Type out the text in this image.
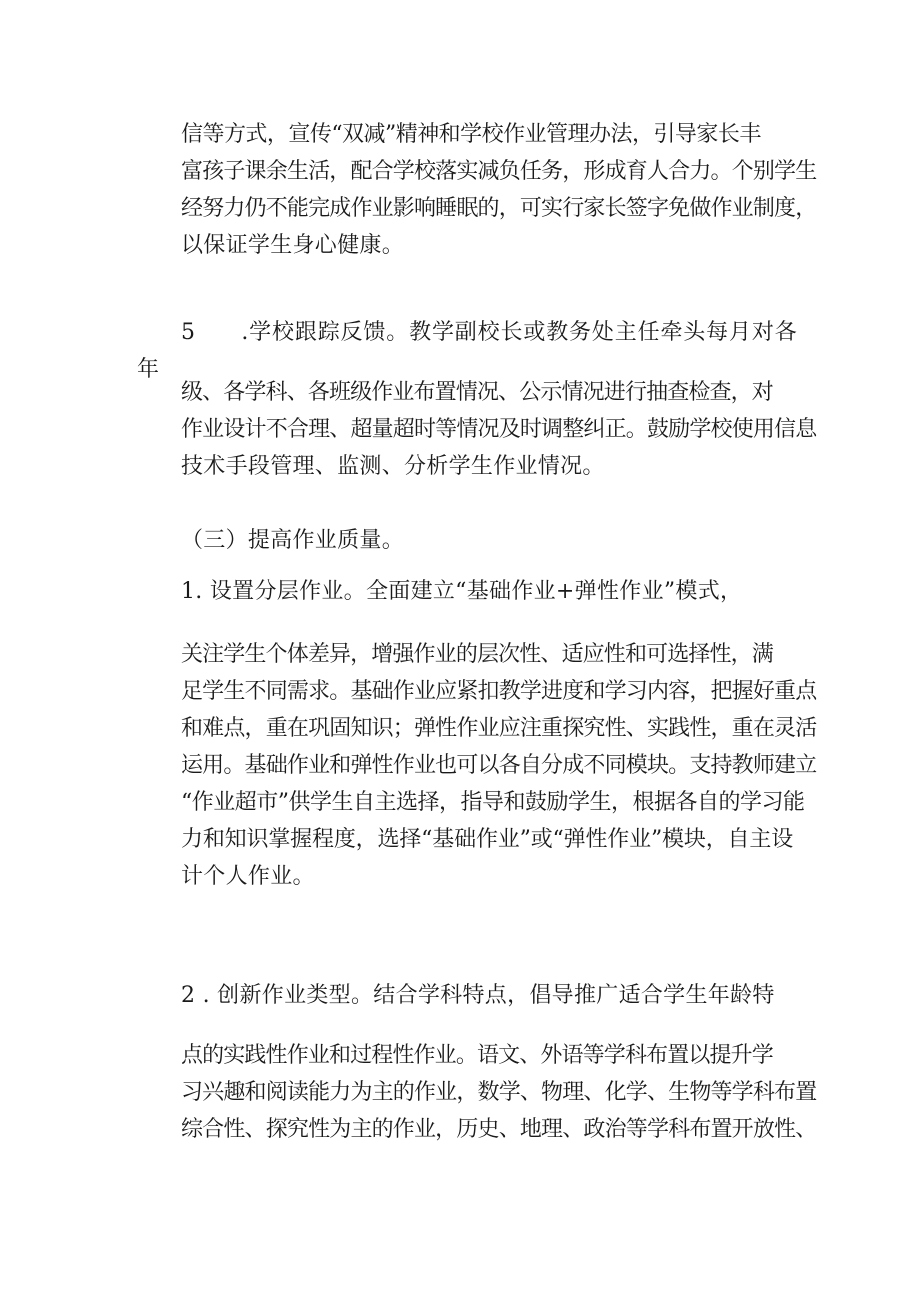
信等方式，宣传“双减”精神和学校作业管理办法，引导家长丰
富孩子课余生活，配合学校落实减负任务，形成育人合力。个别学生
经努力仍不能完成作业影响睡眠的，可实行家长签字免做作业制度，
以保证学生身心健康。

5 .学校跟踪反馈。教学副校长或教务处主任牵头每月对各年

级、各学科、各班级作业布置情况、公示情况进行抽查检查，对
作业设计不合理、超量超时等情况及时调整纠正。鼓励学校使用信息
技术手段管理、监测、分析学生作业情况。

（三）提高作业质量。

1. 设置分层作业。全面建立“基础作业+弹性作业”模式，

关注学生个体差异，增强作业的层次性、适应性和可选择性，满
足学生不同需求。基础作业应紧扣教学进度和学习内容，把握好重点
和难点，重在巩固知识；弹性作业应注重探究性、实践性，重在灵活
运用。基础作业和弹性作业也可以各自分成不同模块。支持教师建立
“作业超市”供学生自主选择，指导和鼓励学生，根据各自的学习能
力和知识掌握程度，选择“基础作业”或“弹性作业”模块，自主设
计个人作业。

2 . 创新作业类型。结合学科特点，倡导推广适合学生年龄特

点的实践性作业和过程性作业。语文、外语等学科布置以提升学
习兴趣和阅读能力为主的作业，数学、物理、化学、生物等学科布置
综合性、探究性为主的作业，历史、地理、政治等学科布置开放性、
